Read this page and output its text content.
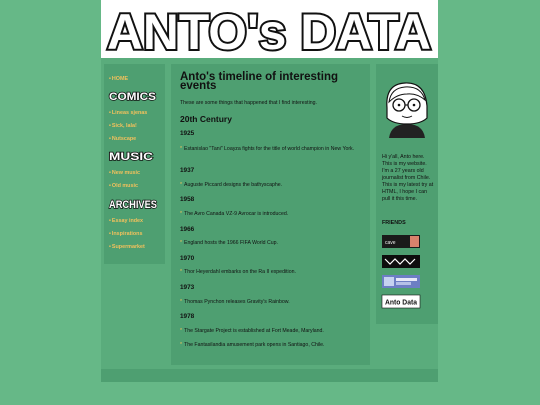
ANTO's DATA
•HOME
COMICS
•Lineas sjenas
•Sick, lala!
•Nutscape
MUSIC
•New music
•Old music
ARCHIVES
•Essay index
•Inspirations
•Supermarket
Anto's timeline of interesting events
These are some things that happened that I find interesting.
20th Century
1925
* Estanislao "Tani" Loayza fights for the title of world champion in New York.
1937
* Auguste Piccard designs the bathyscaphe.
1958
* The Avro Canada VZ-9 Avrocar is introduced.
1966
* England hosts the 1966 FIFA World Cup.
1970
* Thor Heyerdahl embarks on the Ra II expedition.
1973
* Thomas Pynchon releases Gravity's Rainbow.
1978
* The Stargate Project is established at Fort Meade, Maryland.
* The Fantasilandia amusement park opens in Santiago, Chile.
Hi y'all, Anto here. This is my website. I'm a 27 years old journalist from Chile. This is my latest try at HTML, I hope I can pull it this time.
FRIENDS
cave
Anto Data
